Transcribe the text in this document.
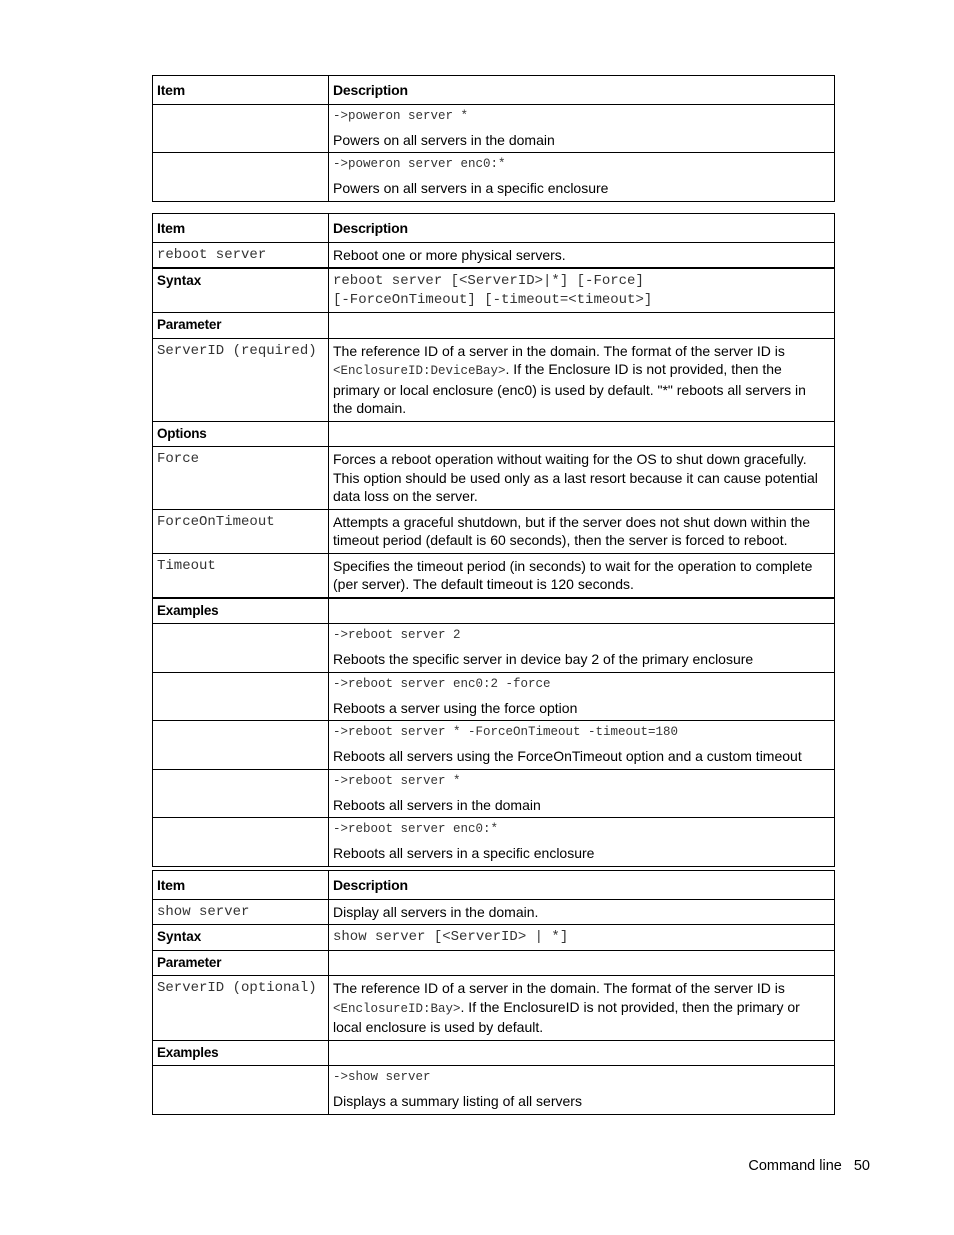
Item	Description

	->poweron server *
Powers on all servers in the domain

	->poweron server enc0:*
Powers on all servers in a specific enclosure
Item	Description
reboot server	Reboot one or more physical servers.
Syntax	reboot server [<ServerID>|*] [-Force]
[-ForceOnTimeout] [-timeout=<timeout>]

Parameter	
ServerID (required)	The reference ID of a server in the domain. The format of the server ID is <EnclosureID:DeviceBay>. If the Enclosure ID is not provided, then the primary or local enclosure (enc0) is used by default. "*" reboots all servers in the domain.
Options	
Force	Forces a reboot operation without waiting for the OS to shut down gracefully. This option should be used only as a last resort because it can cause potential data loss on the server.
ForceOnTimeout	Attempts a graceful shutdown, but if the server does not shut down within the timeout period (default is 60 seconds), then the server is forced to reboot.
Timeout	Specifies the timeout period (in seconds) to wait for the operation to complete (per server). The default timeout is 120 seconds.
Examples	

	->reboot server 2
Reboots the specific server in device bay 2 of the primary enclosure

	->reboot server enc0:2 -force
Reboots a server using the force option

	->reboot server * -ForceOnTimeout -timeout=180
Reboots all servers using the ForceOnTimeout option and a custom timeout

	->reboot server *
Reboots all servers in the domain

	->reboot server enc0:*
Reboots all servers in a specific enclosure
Item	Description
show server	Display all servers in the domain.
Syntax	show server [<ServerID> | *]
Parameter	
ServerID (optional)	The reference ID of a server in the domain. The format of the server ID is <EnclosureID:Bay>. If the EnclosureID is not provided, then the primary or local enclosure is used by default.
Examples	

	->show server
Displays a summary listing of all servers
Command line 50
